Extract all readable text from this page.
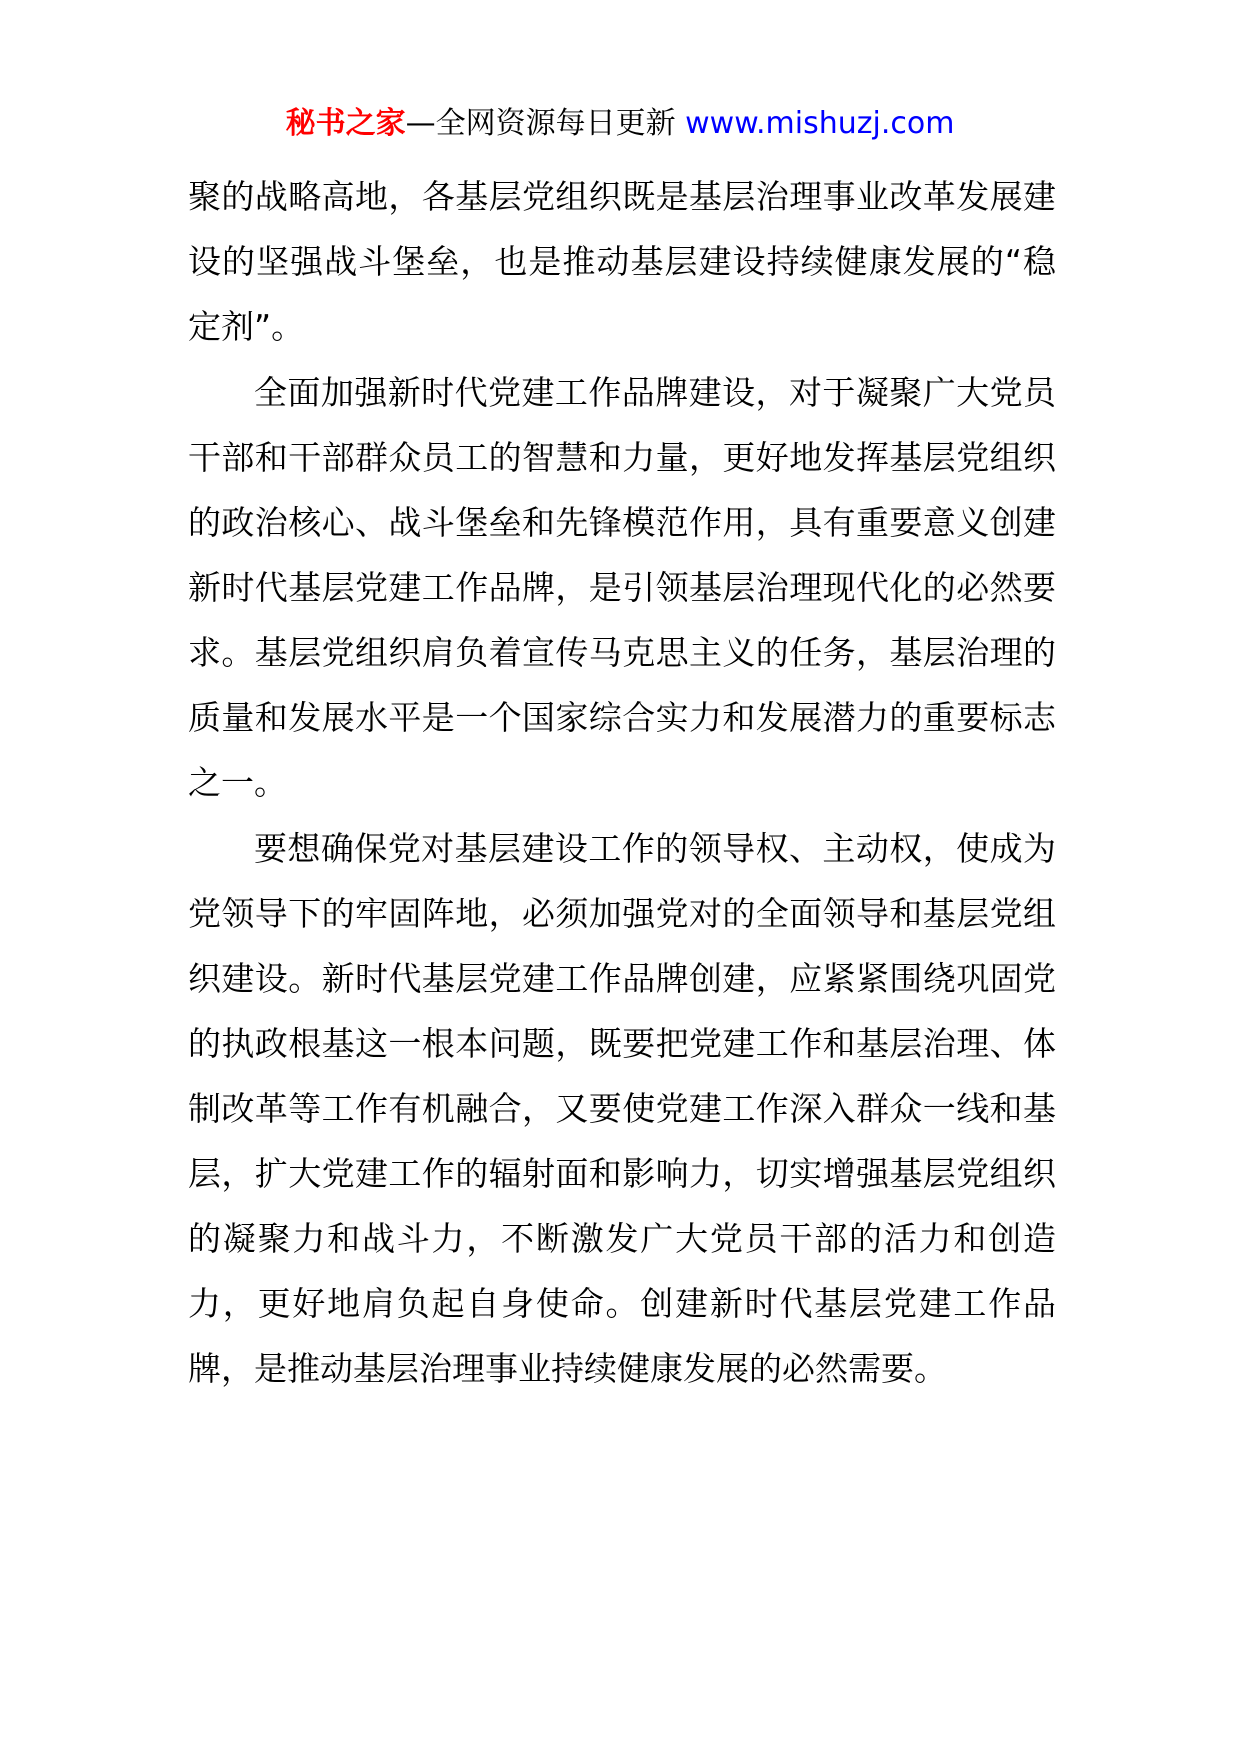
秘书之家—全网资源每日更新 www.mishuzj.com

聚的战略高地，各基层党组织既是基层治理事业改革发展建设的坚强战斗堡垒，也是推动基层建设持续健康发展的“稳定剂”。

全面加强新时代党建工作品牌建设，对于凝聚广大党员干部和干部群众员工的智慧和力量，更好地发挥基层党组织的政治核心、战斗堡垒和先锋模范作用，具有重要意义创建新时代基层党建工作品牌，是引领基层治理现代化的必然要求。基层党组织肩负着宣传马克思主义的任务，基层治理的质量和发展水平是一个国家综合实力和发展潜力的重要标志之一。

要想确保党对基层建设工作的领导权、主动权，使成为党领导下的牢固阵地，必须加强党对的全面领导和基层党组织建设。新时代基层党建工作品牌创建，应紧紧围绕巩固党的执政根基这一根本问题，既要把党建工作和基层治理、体制改革等工作有机融合，又要使党建工作深入群众一线和基层，扩大党建工作的辐射面和影响力，切实增强基层党组织的凝聚力和战斗力，不断激发广大党员干部的活力和创造力，更好地肩负起自身使命。创建新时代基层党建工作品牌，是推动基层治理事业持续健康发展的必然需要。
